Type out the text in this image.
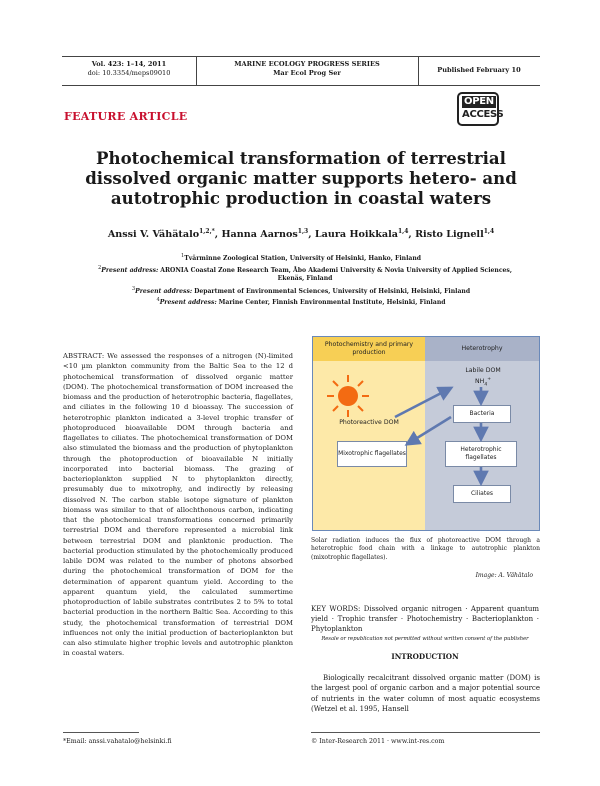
Vol. 423: 1–14, 2011
doi: 10.3354/meps09010
MARINE ECOLOGY PROGRESS SERIES
Mar Ecol Prog Ser	Published February 10
OPEN
ACCESS
FEATURE ARTICLE
Photochemical transformation of terrestrial dissolved organic matter supports hetero- and autotrophic production in coastal waters
Anssi V. Vähätalo$^{1,2,*}$, Hanna Aarnos$^{1,3}$, Laura Hoikkala$^{1,4}$, Risto Lignell$^{1,4}$
$^1$Tvärminne Zoological Station, University of Helsinki, Hanko, Finland
$^2$Present address: ARONIA Coastal Zone Research Team, Åbo Akademi University & Novia University of Applied Sciences, Ekenäs, Finland
$^3$Present address: Department of Environmental Sciences, University of Helsinki, Helsinki, Finland
$^4$Present address: Marine Center, Finnish Environmental Institute, Helsinki, Finland
ABSTRACT: We assessed the responses of a nitrogen (N)-limited <10 µm plankton community from the Baltic Sea to the 12 d photochemical transformation of dissolved organic matter (DOM). The photochemical transformation of DOM increased the biomass and the production of heterotrophic bacteria, flagellates, and ciliates in the following 10 d bioassay. The succession of heterotrophic plankton indicated a 3-level trophic transfer of photoproduced bioavailable DOM through bacteria and flagellates to ciliates. The photochemical transformation of DOM also stimulated the biomass and the production of phytoplankton through the photoproduction of bioavailable N initially incorporated into bacterial biomass. The grazing of bacterioplankton supplied N to phytoplankton directly, presumably due to mixotrophy, and indirectly by releasing dissolved N. The carbon stable isotope signature of plankton biomass was similar to that of allochthonous carbon, indicating that the photochemical transformations concerned primarily terrestrial DOM and therefore represented a microbial link between terrestrial DOM and planktonic production. The bacterial production stimulated by the photochemically produced labile DOM was related to the number of photons absorbed during the photochemical transformation of DOM for the determination of apparent quantum yield. According to the apparent quantum yield, the calculated summertime photoproduction of labile substrates contributes 2 to 5% to total bacterial production in the northern Baltic Sea. According to this study, the photochemical transformation of terrestrial DOM influences not only the initial production of bacterioplankton but can also stimulate higher trophic levels and autotrophic plankton in coastal waters.
Photochemistry and primary production
Heterotrophy
Photoreactive DOM
Labile DOM
$NH_4^+$
Bacteria
Mixotrophic flagellates
Heterotrophic flagellates
Ciliates
Solar radiation induces the flux of photoreactive DOM through a heterotrophic food chain with a linkage to autotrophic plankton (mixotrophic flagellates).
Image: A. Vähätalo
KEY WORDS: Dissolved organic nitrogen · Apparent quantum yield · Trophic transfer · Photochemistry · Bacterioplankton · Phytoplankton
Resale or republication not permitted without written consent of the publisher
INTRODUCTION
Biologically recalcitrant dissolved organic matter (DOM) is the largest pool of organic carbon and a major potential source of nutrients in the water column of most aquatic ecosystems (Wetzel et al. 1995, Hansell
*Email: anssi.vahatalo@helsinki.fi	© Inter-Research 2011 · www.int-res.com
